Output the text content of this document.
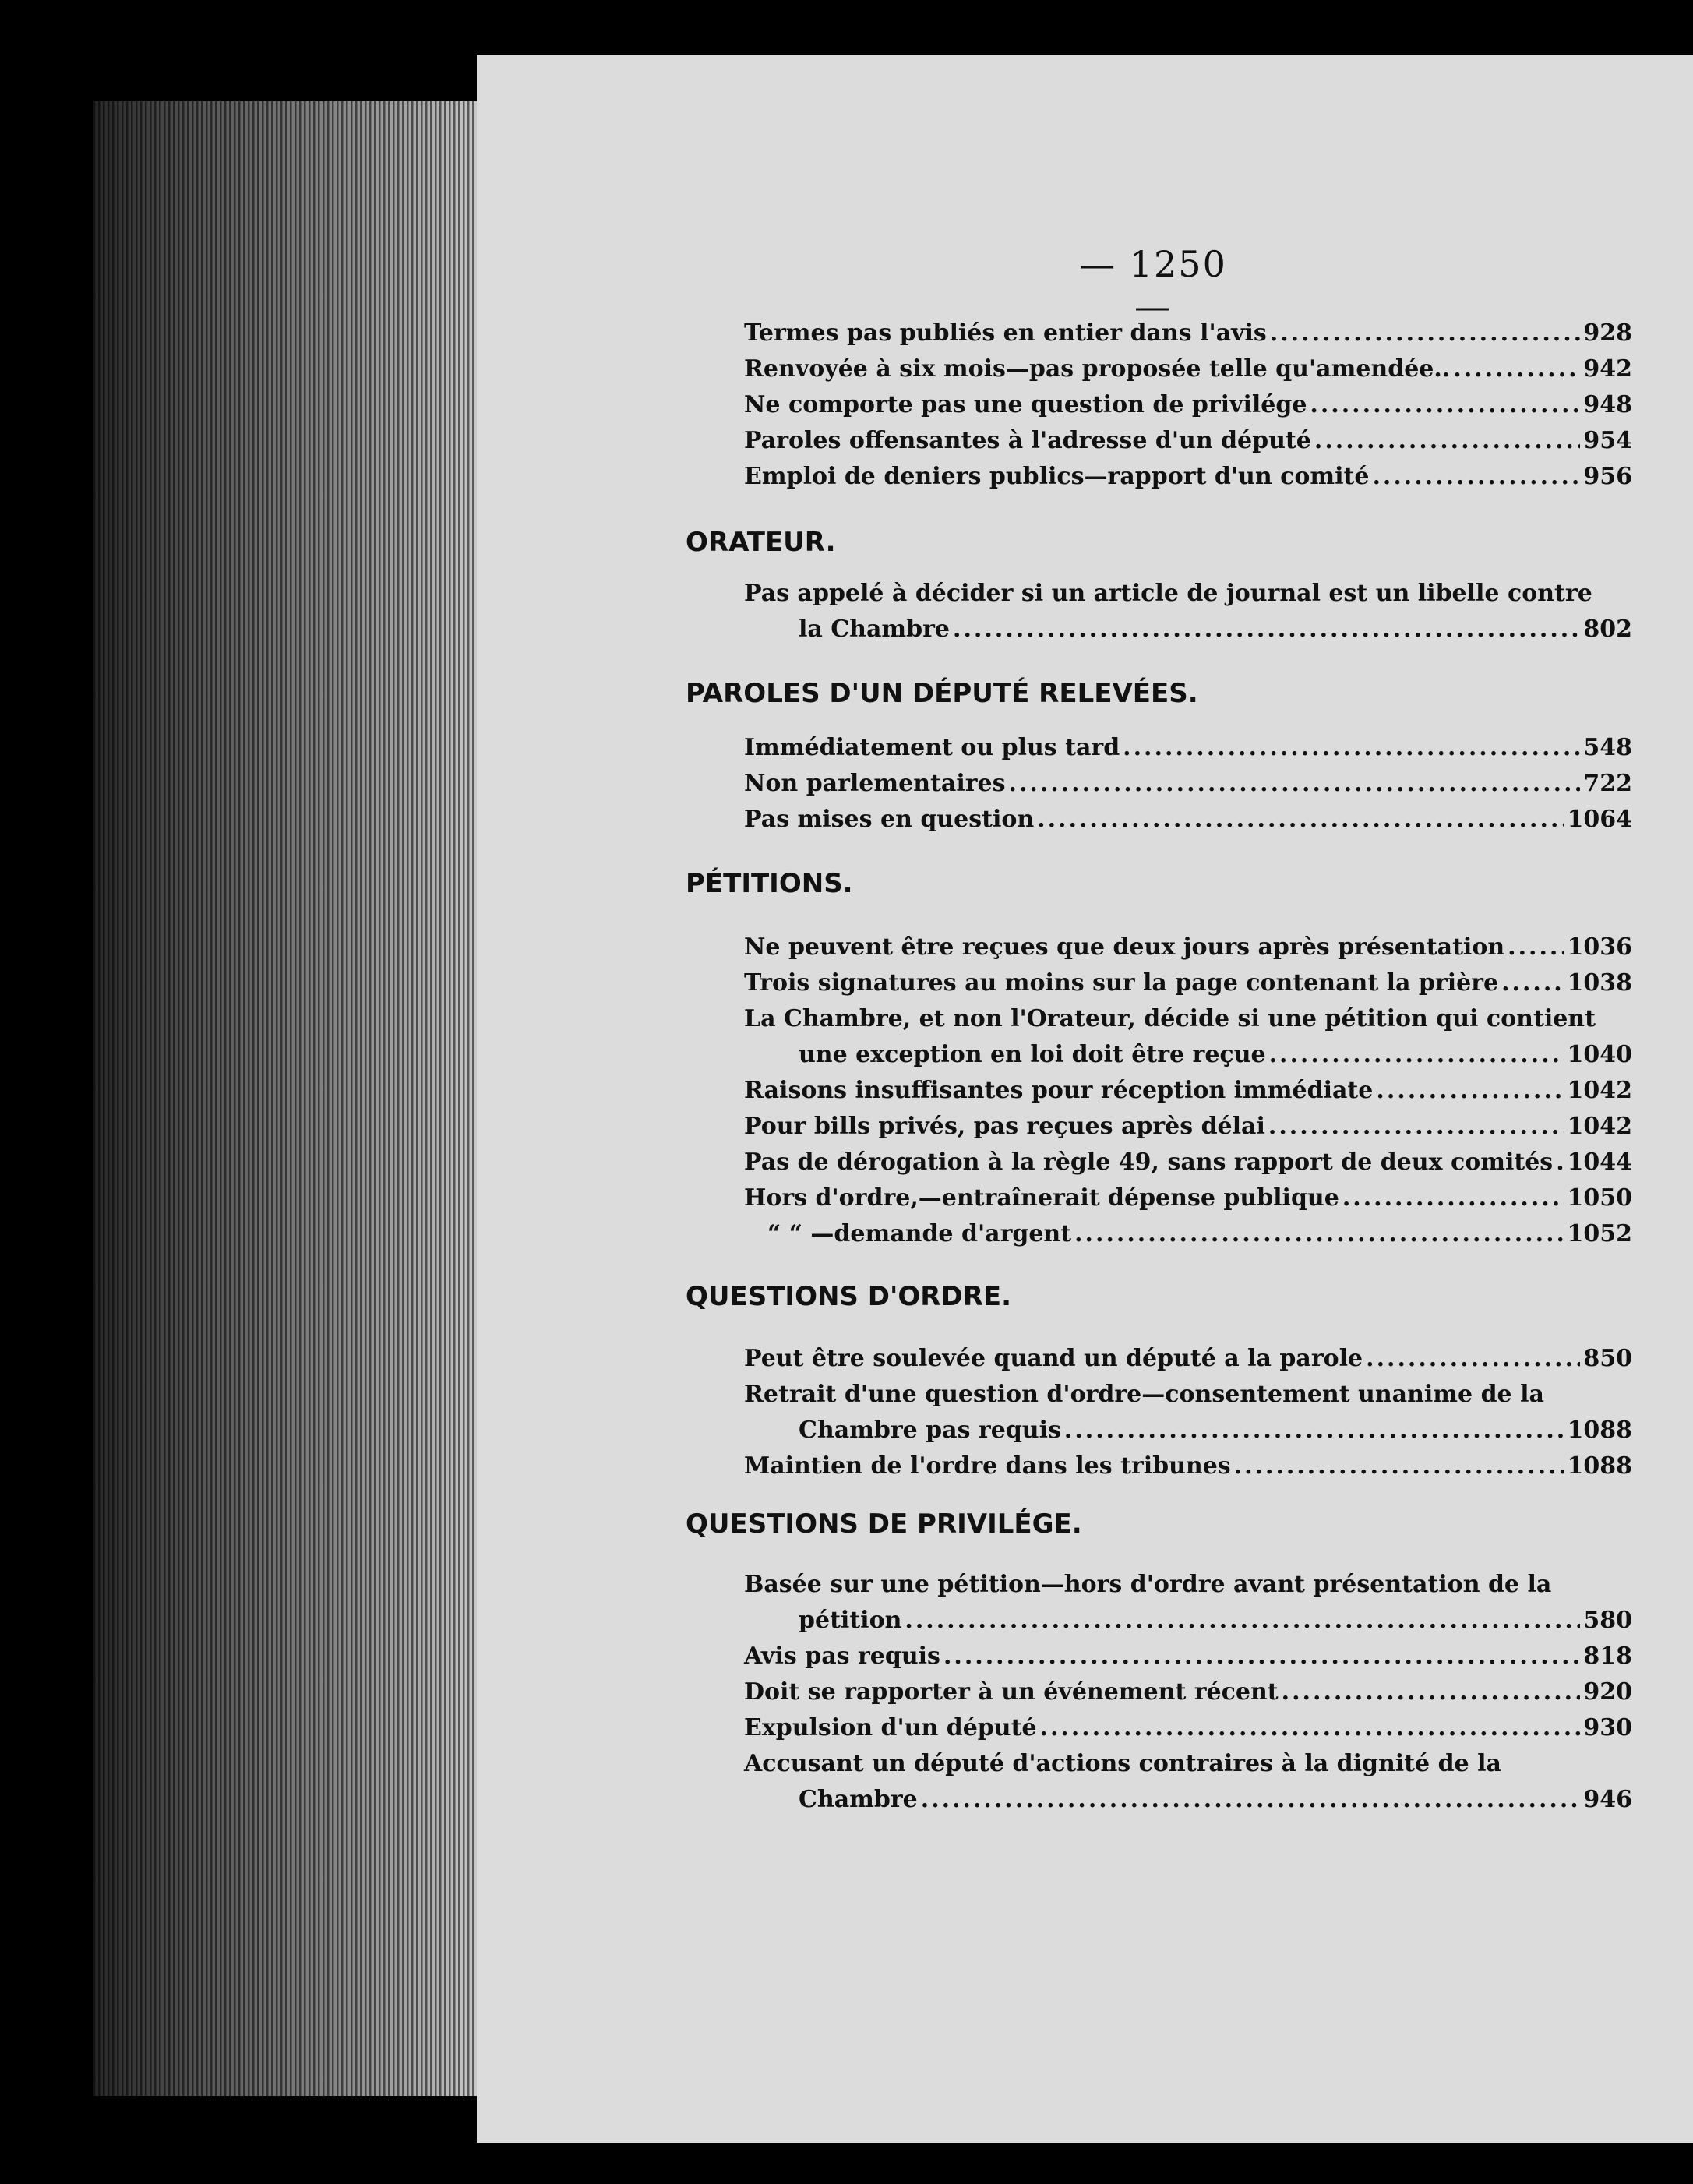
— 1250 —
Termes pas publiés en entier dans l'avis .....	928
Renvoyée à six mois—pas proposée telle qu'amendée.. .....	942
Ne comporte pas une question de privilége .....	948
Paroles offensantes à l'adresse d'un député .....	954
Emploi de deniers publics—rapport d'un comité .....	956
ORATEUR.
Pas appelé à décider si un article de journal est un libelle contre
la Chambre .....	802
PAROLES D'UN DÉPUTÉ RELEVÉES.
Immédiatement ou plus tard .....	548
Non parlementaires .....	722
Pas mises en question .....	1064
PÉTITIONS.
Ne peuvent être reçues que deux jours après présentation .....	1036
Trois signatures au moins sur la page contenant la prière .....	1038
La Chambre, et non l'Orateur, décide si une pétition qui contient
une exception en loi doit être reçue .....	1040
Raisons insuffisantes pour réception immédiate .....	1042
Pour bills privés, pas reçues après délai .....	1042
Pas de dérogation à la règle 49, sans rapport de deux comités ..... 1044
Hors d'ordre,—entraînerait dépense publique .....	1050
“ “ —demande d'argent .....	1052
QUESTIONS D'ORDRE.
Peut être soulevée quand un député a la parole .....	850
Retrait d'une question d'ordre—consentement unanime de la
Chambre pas requis .....	1088
Maintien de l'ordre dans les tribunes .....	1088
QUESTIONS DE PRIVILÉGE.
Basée sur une pétition—hors d'ordre avant présentation de la
pétition .....	580
Avis pas requis .....	818
Doit se rapporter à un événement récent .....	920
Expulsion d'un député .....	930
Accusant un député d'actions contraires à la dignité de la
Chambre .....	946
